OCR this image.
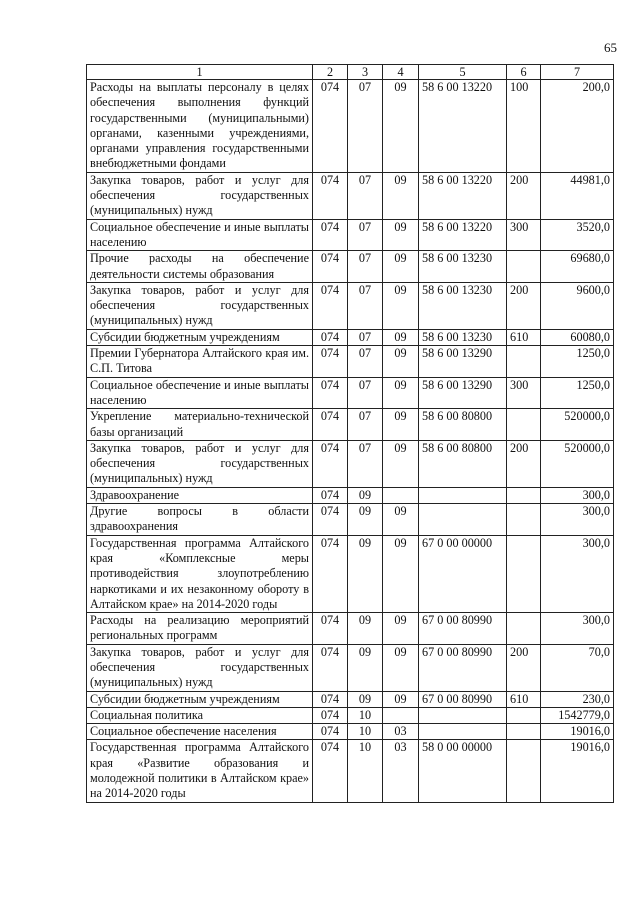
65
1	2	3	4	5	6	7
Расходы на выплаты персоналу в целях обеспечения выполнения функций государственными (муниципальными) органами, казенными учреждениями, органами управления государственными внебюджетными фондами	074	07	09	58 6 00 13220	100	200,0
Закупка товаров, работ и услуг для обеспечения государственных (муниципальных) нужд	074	07	09	58 6 00 13220	200	44981,0
Социальное обеспечение и иные выплаты населению	074	07	09	58 6 00 13220	300	3520,0
Прочие расходы на обеспечение деятельности системы образования	074	07	09	58 6 00 13230		69680,0
Закупка товаров, работ и услуг для обеспечения государственных (муниципальных) нужд	074	07	09	58 6 00 13230	200	9600,0
Субсидии бюджетным учреждениям	074	07	09	58 6 00 13230	610	60080,0
Премии Губернатора Алтайского края им. С.П. Титова	074	07	09	58 6 00 13290		1250,0
Социальное обеспечение и иные выплаты населению	074	07	09	58 6 00 13290	300	1250,0
Укрепление материально-технической базы организаций	074	07	09	58 6 00 80800		520000,0
Закупка товаров, работ и услуг для обеспечения государственных (муниципальных) нужд	074	07	09	58 6 00 80800	200	520000,0
Здравоохранение	074	09				300,0
Другие вопросы в области здравоохранения	074	09	09			300,0
Государственная программа Алтайского края «Комплексные меры противодействия злоупотреблению наркотиками и их незаконному обороту в Алтайском крае» на 2014-2020 годы	074	09	09	67 0 00 00000		300,0
Расходы на реализацию мероприятий региональных программ	074	09	09	67 0 00 80990		300,0
Закупка товаров, работ и услуг для обеспечения государственных (муниципальных) нужд	074	09	09	67 0 00 80990	200	70,0
Субсидии бюджетным учреждениям	074	09	09	67 0 00 80990	610	230,0
Социальная политика	074	10				1542779,0
Социальное обеспечение населения	074	10	03			19016,0
Государственная программа Алтайского края «Развитие образования и молодежной политики в Алтайском крае» на 2014-2020 годы	074	10	03	58 0 00 00000		19016,0
